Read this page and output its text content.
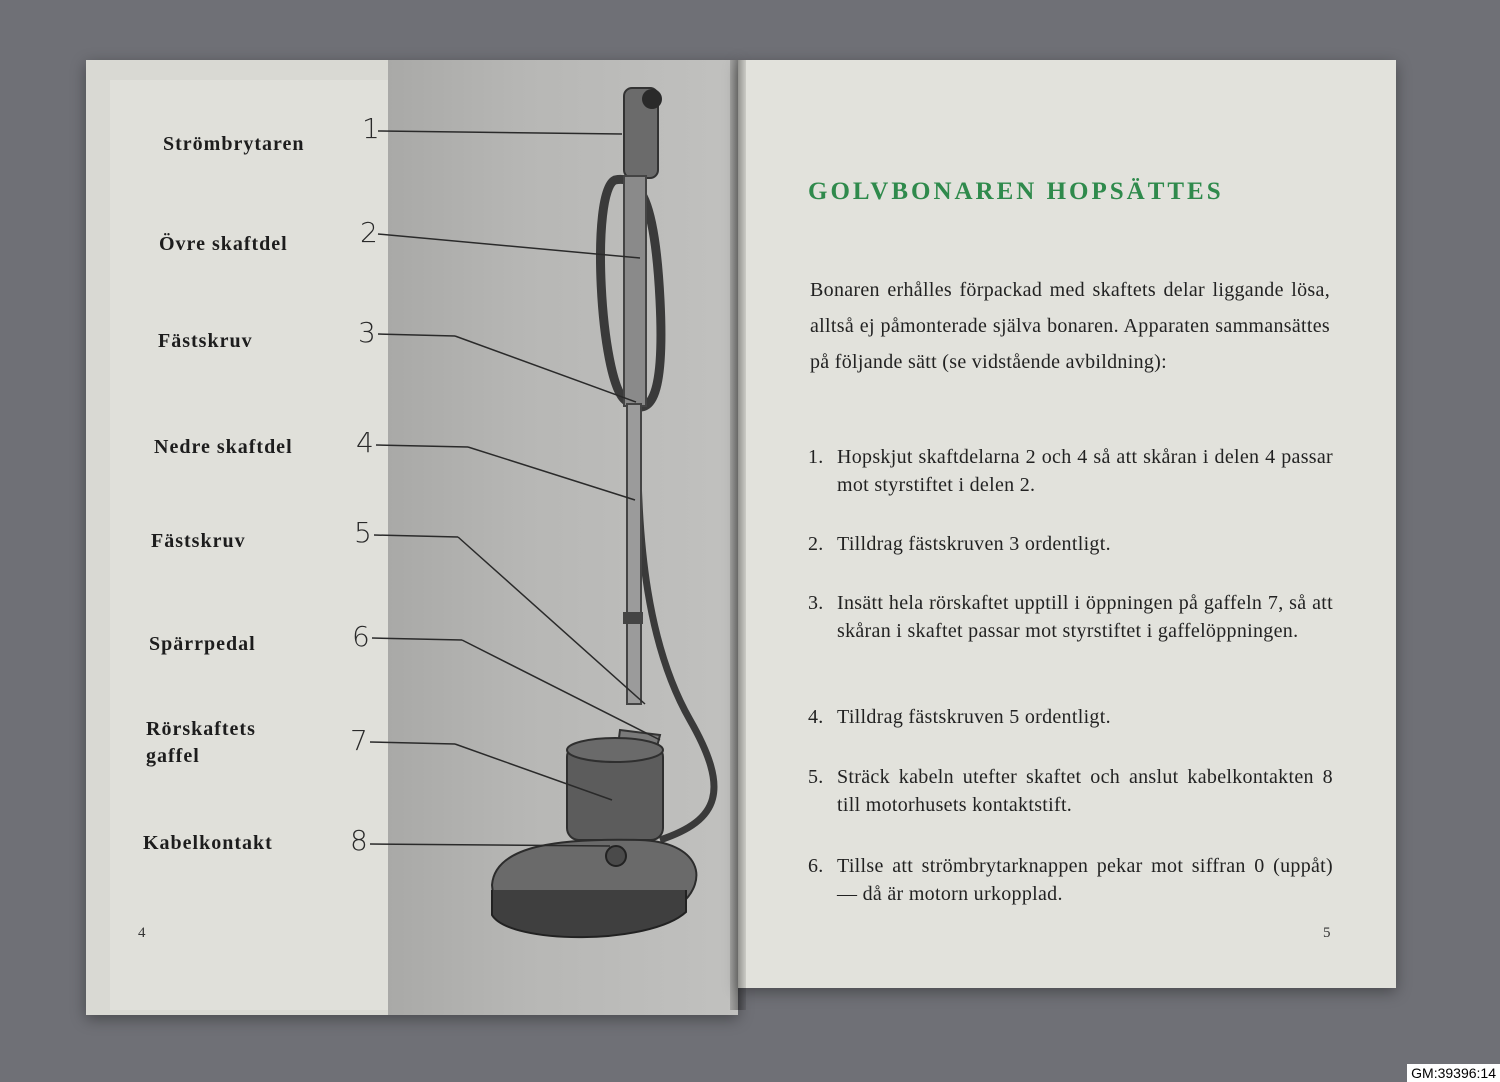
Strömbrytaren 1
Övre skaftdel	2
Fästskruv	3
Nedre skaftdel 4
Fästskruv	5
Spärrpedal	6
Rörskaftets
gaffel	7
Kabelkontakt	8
4
GOLVBONAREN HOPSÄTTES
Bonaren erhålles förpackad med skaftets delar liggande lösa, alltså ej påmonterade själva bonaren. Apparaten sammansättes på följande sätt (se vidstående avbildning):
1. Hopskjut skaftdelarna 2 och 4 så att skåran i delen 4 passar mot styrstiftet i delen 2.
2. Tilldrag fästskruven 3 ordentligt.
3. Insätt hela rörskaftet upptill i öppningen på gaffeln 7, så att skåran i skaftet passar mot styrstiftet i gaffelöppningen.
4. Tilldrag fästskruven 5 ordentligt.
5. Sträck kabeln utefter skaftet och anslut kabelkontakten 8 till motorhusets kontaktstift.
6. Tillse att strömbrytarknappen pekar mot siffran 0 (uppåt) — då är motorn urkopplad.
5
GM:39396:14
